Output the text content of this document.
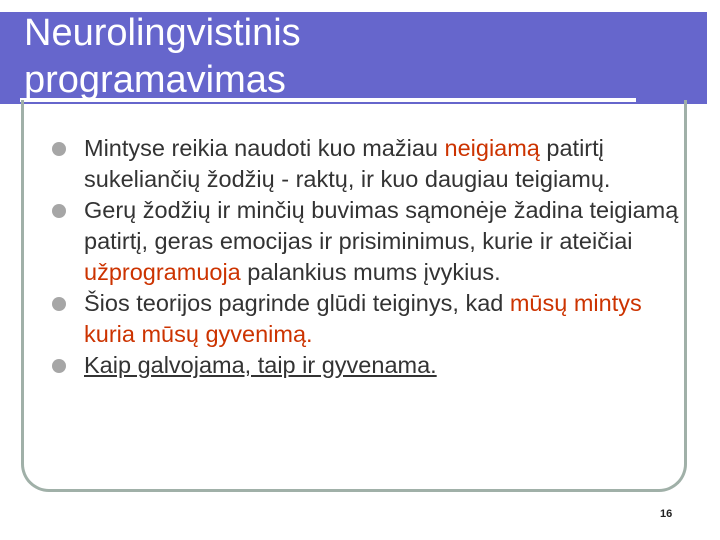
Neurolingvistinis
programavimas
Mintyse reikia naudoti kuo mažiau neigiamą patirtį sukeliančių žodžių - raktų, ir kuo daugiau teigiamų.
Gerų žodžių ir minčių buvimas sąmonėje žadina teigiamą patirtį, geras emocijas ir prisiminimus, kurie ir ateičiai užprogramuoja palankius mums įvykius.
Šios teorijos pagrinde glūdi teiginys, kad mūsų mintys kuria mūsų gyvenimą.
Kaip galvojama, taip ir gyvenama.
16
